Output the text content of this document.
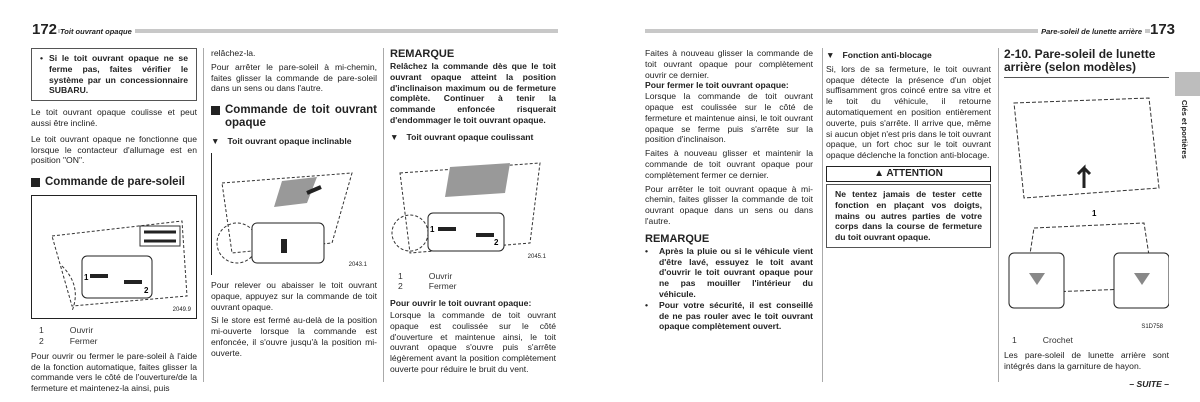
172 Toit ouvrant opaque
• Si le toit ouvrant opaque ne se ferme pas, faites vérifier le système par un concessionnaire SUBARU.

Le toit ouvrant opaque coulisse et peut aussi être incliné.

Le toit ouvrant opaque ne fonctionne que lorsque le contacteur d'allumage est en position "ON".

Commande de pare-soleil
1
2
2049.9
1	Ouvrir
2	Fermer

Pour ouvrir ou fermer le pare-soleil à l'aide de la fonction automatique, faites glisser la commande vers le côté de l'ouverture/de la fermeture et maintenez-la ainsi, puis

relâchez-la.

Pour arrêter le pare-soleil à mi-chemin, faites glisser la commande de pare-soleil dans un sens ou dans l'autre.

Commande de toit ouvrant opaque
▼ Toit ouvrant opaque inclinable
2043.1

Pour relever ou abaisser le toit ouvrant opaque, appuyez sur la commande de toit ouvrant opaque.

Si le store est fermé au-delà de la position mi-ouverte lorsque la commande est enfoncée, il s'ouvre jusqu'à la position mi-ouverte.

REMARQUE

Relâchez la commande dès que le toit ouvrant opaque atteint la position d'inclinaison maximum ou de fermeture complète. Continuer à tenir la commande enfoncée risquerait d'endommager le toit ouvrant opaque.

▼ Toit ouvrant opaque coulissant
1
2
2045.1
1	Ouvrir
2	Fermer

Pour ouvrir le toit ouvrant opaque:

Lorsque la commande de toit ouvrant opaque est coulissée sur le côté d'ouverture et maintenue ainsi, le toit ouvrant opaque s'ouvre puis s'arrête légèrement avant la position complètement ouverte pour réduire le bruit du vent.

Pare-soleil de lunette arrière 173
Clés et portières

Faites à nouveau glisser la commande de toit ouvrant opaque pour complètement ouvrir ce dernier.

Pour fermer le toit ouvrant opaque:

Lorsque la commande de toit ouvrant opaque est coulissée sur le côté de fermeture et maintenue ainsi, le toit ouvrant opaque se ferme puis s'arrête sur la position d'inclinaison.

Faites à nouveau glisser et maintenir la commande de toit ouvrant opaque pour complètement fermer ce dernier.

Pour arrêter le toit ouvrant opaque à mi-chemin, faites glisser la commande de toit ouvrant opaque dans un sens ou dans l'autre.

REMARQUE
•	Après la pluie ou si le véhicule vient d'être lavé, essuyez le toit avant d'ouvrir le toit ouvrant opaque pour ne pas mouiller l'intérieur du véhicule.
•	Pour votre sécurité, il est conseillé de ne pas rouler avec le toit ouvrant opaque complètement ouvert.
▼ Fonction anti-blocage

Si, lors de sa fermeture, le toit ouvrant opaque détecte la présence d'un objet suffisamment gros coincé entre sa vitre et le toit du véhicule, il retourne automatiquement en position entièrement ouverte, puis s'arrête. Il arrive que, même si aucun objet n'est pris dans le toit ouvrant opaque, un fort choc sur le toit ouvrant opaque déclenche la fonction anti-blocage.

▲ ATTENTION
Ne tentez jamais de tester cette fonction en plaçant vos doigts, mains ou autres parties de votre corps dans la course de fermeture du toit ouvrant opaque.
2-10. Pare-soleil de lunette arrière (selon modèles)
1
S1D758
1	Crochet

Les pare-soleil de lunette arrière sont intégrés dans la garniture de hayon.

– SUITE –
